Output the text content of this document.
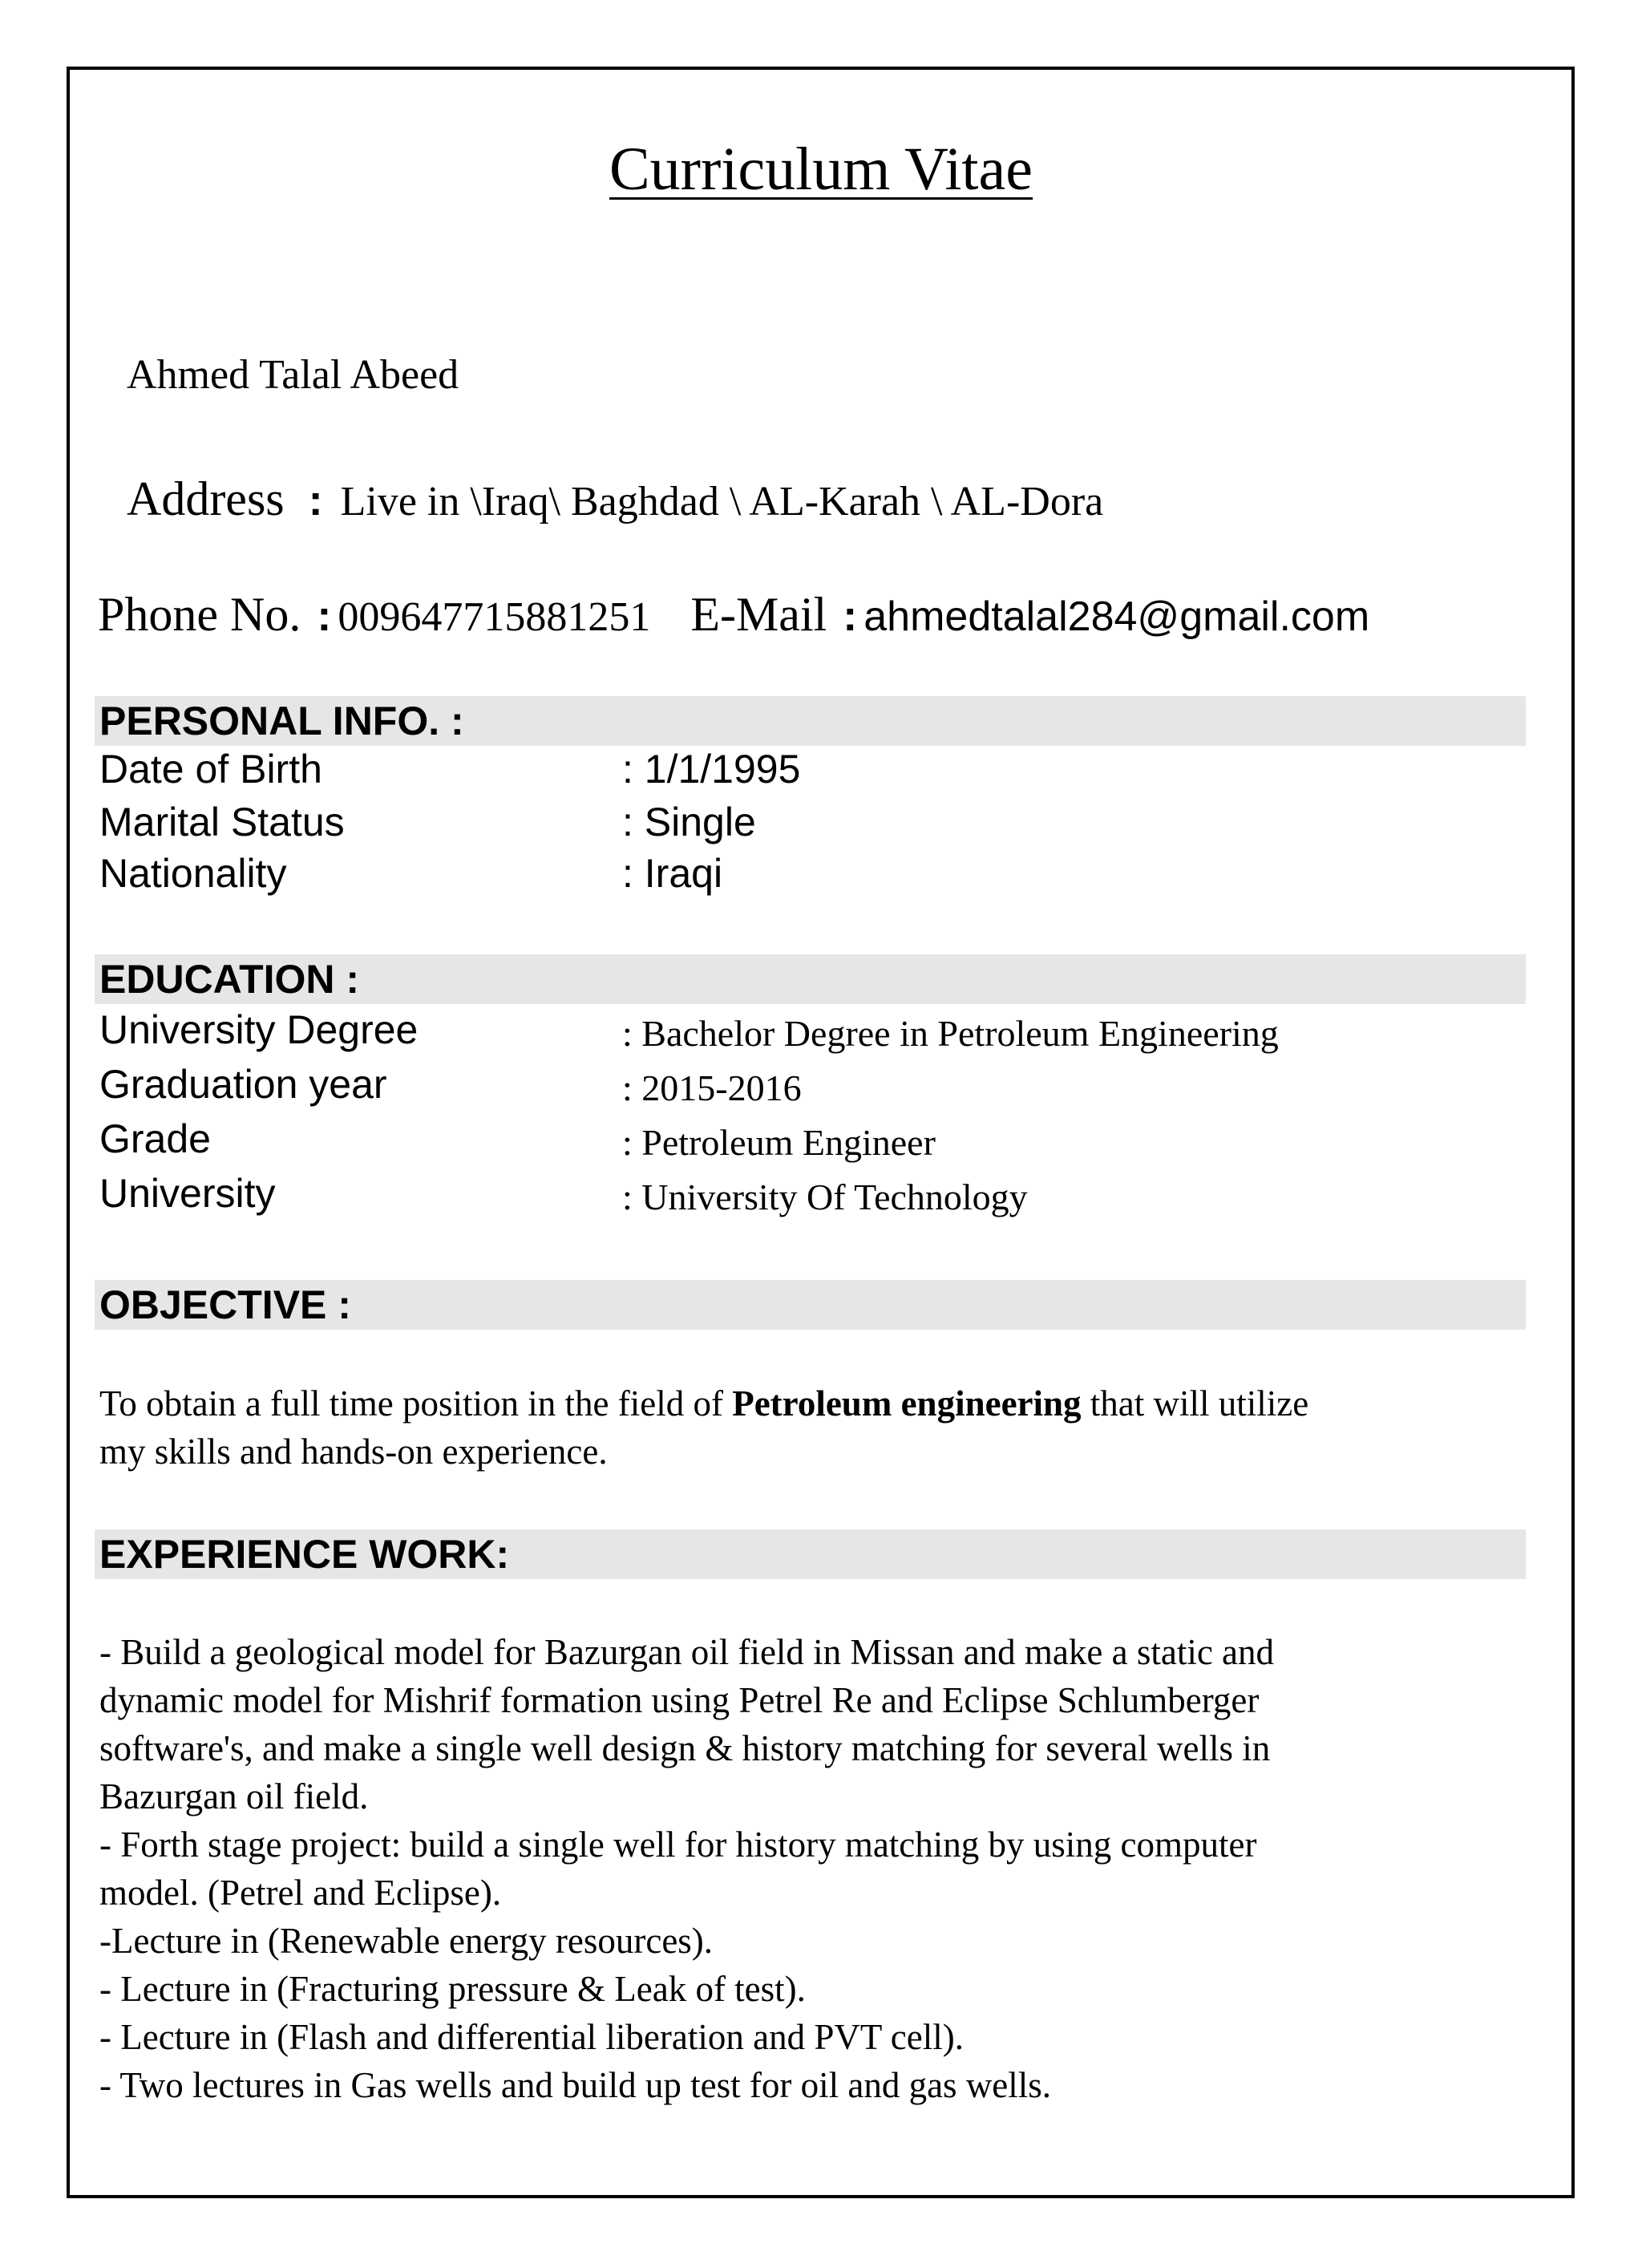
Curriculum Vitae
Ahmed Talal Abeed
Address : Live in \Iraq\ Baghdad \ AL-Karah \ AL-Dora
Phone No. : 009647715881251 E-Mail : ahmedtalal284@gmail.com
PERSONAL INFO. :
Date of Birth	: 1/1/1995
Marital Status	: Single
Nationality	: Iraqi
EDUCATION :
University Degree	: Bachelor Degree in Petroleum Engineering
Graduation year	: 2015-2016
Grade	: Petroleum Engineer
University	: University Of Technology
OBJECTIVE :
To obtain a full time position in the field of Petroleum engineering that will utilize
my skills and hands-on experience.
EXPERIENCE WORK:
- Build a geological model for Bazurgan oil field in Missan and make a static and
dynamic model for Mishrif formation using Petrel Re and Eclipse Schlumberger
software's, and make a single well design & history matching for several wells in
Bazurgan oil field.
- Forth stage project: build a single well for history matching by using computer
model. (Petrel and Eclipse).
-Lecture in (Renewable energy resources).
- Lecture in (Fracturing pressure & Leak of test).
- Lecture in (Flash and differential liberation and PVT cell).
- Two lectures in Gas wells and build up test for oil and gas wells.
